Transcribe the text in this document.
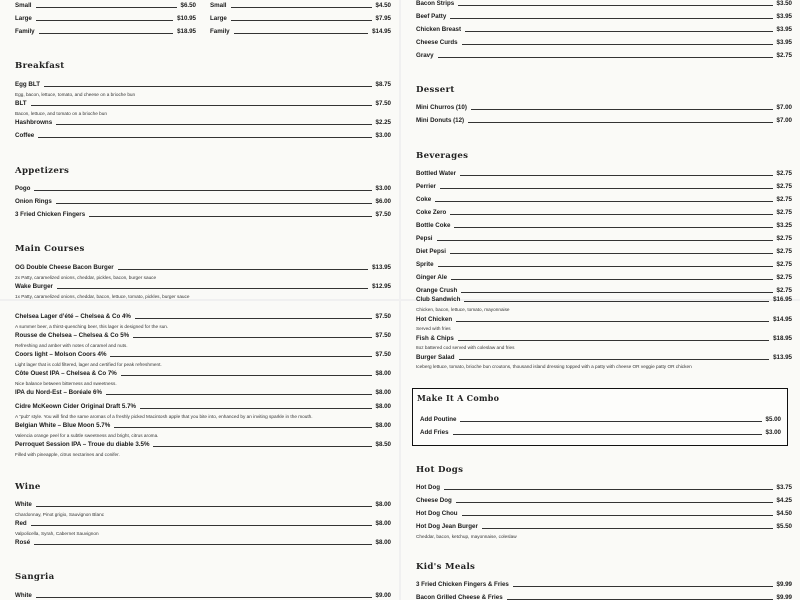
Small	$6.50
Large	$10.95
Family	$18.95
Small	$4.50
Large	$7.95
Family	$14.95
Breakfast
Egg BLT	$8.75
Egg, bacon, lettuce, tomato, and cheese on a brioche bun
BLT	$7.50
Bacon, lettuce, and tomato on a brioche bun
Hashbrowns	$2.25
Coffee	$3.00
Appetizers
Pogo	$3.00
Onion Rings	$6.00
3 Fried Chicken Fingers	$7.50
Main Courses
OG Double Cheese Bacon Burger	$13.95
2x Patty, caramelized onions, cheddar, pickles, bacon, burger sauce
Wake Burger	$12.95
1x Patty, caramelized onions, cheddar, bacon, lettuce, tomato, pickles, burger sauce
Bacon Strips	$3.50
Beef Patty	$3.95
Chicken Breast	$3.95
Cheese Curds	$3.95
Gravy	$2.75
Dessert
Mini Churros (10)	$7.00
Mini Donuts (12)	$7.00
Beverages
Bottled Water	$2.75
Perrier	$2.75
Coke	$2.75
Coke Zero	$2.75
Bottle Coke	$3.25
Pepsi	$2.75
Diet Pepsi	$2.75
Sprite	$2.75
Ginger Ale	$2.75
Orange Crush	$2.75
Chelsea Lager d’été – Chelsea & Co 4%	$7.50
A summer beer, a thirst-quenching beer, this lager is designed for the sun.
Rousse de Chelsea – Chelsea & Co 5%	$7.50
Refreshing and amber with notes of caramel and nuts.
Coors light – Molson Coors 4%	$7.50
Light lager that is cold filtered, lager and certified for peak refreshment.
Côte Ouest IPA – Chelsea & Co 7%	$8.00
Nice balance between bitterness and sweetness.
IPA du Nord-Est – Boréale 6%	$8.00
Cidre McKeown Cider Original Draft 5.7%	$8.00
A “pub” style. You will find the same aromas of a freshly picked Macintosh apple that you bite into, enhanced by an inviting sparkle in the mouth.
Belgian White – Blue Moon 5.7%	$8.00
Valencia orange peel for a subtle sweetness and bright, citrus aroma.
Perroquet Session IPA – Troue du diable 3.5%	$8.50
Filled with pineapple, citrus nectarines and conifer.
Wine
White	$8.00
Chardonnay, Pinot grigio, Sauvignon Blanc
Red	$8.00
Valpolicella, Syrah, Cabernet Sauvignon
Rosé	$8.00
Sangria
White	$9.00
Club Sandwich	$16.95
Chicken, bacon, lettuce, tomato, mayonnaise
Hot Chicken	$14.95
Served with fries
Fish & Chips	$18.95
8oz battered cod served with coleslaw and fries
Burger Salad	$13.95
Iceberg lettuce, tomato, brioche bun croutons, thousand island dressing topped with a patty with cheese OR veggie patty OR chicken
Make It A Combo
Add Poutine	$5.00
Add Fries	$3.00
Hot Dogs
Hot Dog	$3.75
Cheese Dog	$4.25
Hot Dog Chou	$4.50
Hot Dog Jean Burger	$5.50
Cheddar, bacon, ketchup, mayonnaise, coleslaw
Kid's Meals
3 Fried Chicken Fingers & Fries	$9.99
Bacon Grilled Cheese & Fries	$9.99
